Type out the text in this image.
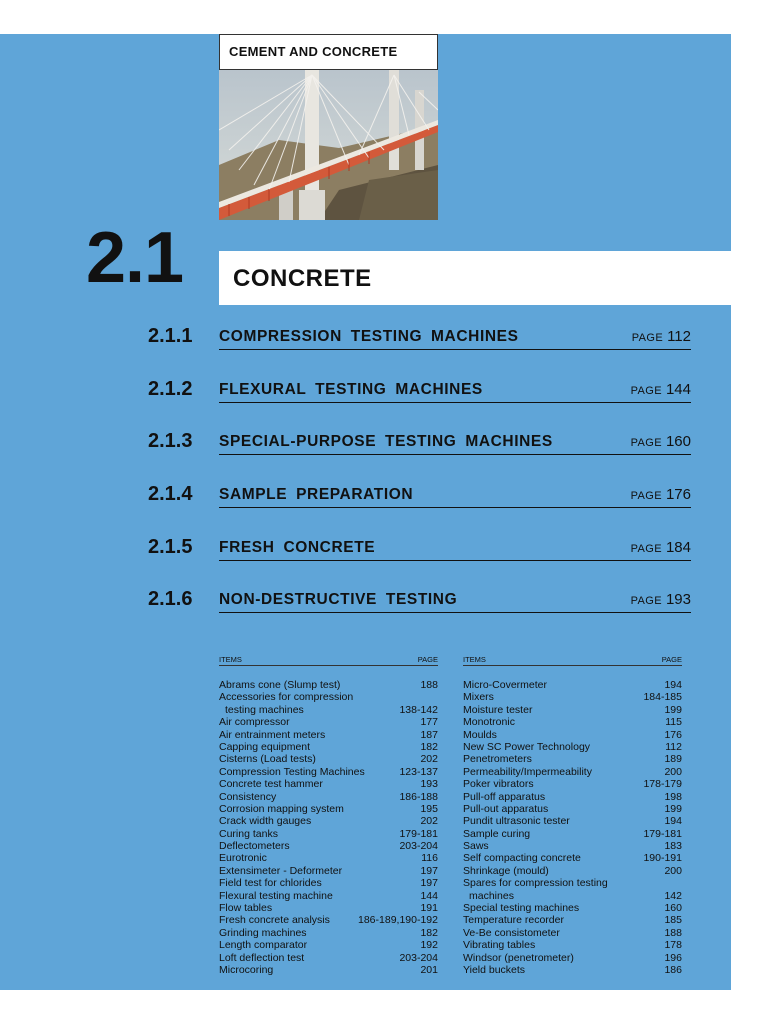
CEMENT AND CONCRETE
2.1 CONCRETE
2.1.1 COMPRESSION TESTING MACHINES	PAGE 112
2.1.2 FLEXURAL TESTING MACHINES	PAGE 144
2.1.3 SPECIAL-PURPOSE TESTING MACHINES	PAGE 160
2.1.4 SAMPLE PREPARATION	PAGE 176
2.1.5 FRESH CONCRETE	PAGE 184
2.1.6 NON-DESTRUCTIVE TESTING	PAGE 193
ITEMS	PAGE
Abrams cone (Slump test)	188
Accessories for compression
testing machines	138-142
Air compressor	177
Air entrainment meters	187
Capping equipment	182
Cisterns (Load tests)	202
Compression Testing Machines	123-137
Concrete test hammer	193
Consistency	186-188
Corrosion mapping system	195
Crack width gauges	202
Curing tanks	179-181
Deflectometers	203-204
Eurotronic	116
Extensimeter - Deformeter	197
Field test for chlorides	197
Flexural testing machine	144
Flow tables	191
Fresh concrete analysis	186-189,190-192
Grinding machines	182
Length comparator	192
Loft deflection test	203-204
Microcoring	201
ITEMS	PAGE
Micro-Covermeter	194
Mixers	184-185
Moisture tester	199
Monotronic	115
Moulds	176
New SC Power Technology	112
Penetrometers	189
Permeability/Impermeability	200
Poker vibrators	178-179
Pull-off apparatus	198
Pull-out apparatus	199
Pundit ultrasonic tester	194
Sample curing	179-181
Saws	183
Self compacting concrete	190-191
Shrinkage (mould)	200
Spares for compression testing
machines	142
Special testing machines	160
Temperature recorder	185
Ve-Be consistometer	188
Vibrating tables	178
Windsor (penetrometer)	196
Yield buckets	186
